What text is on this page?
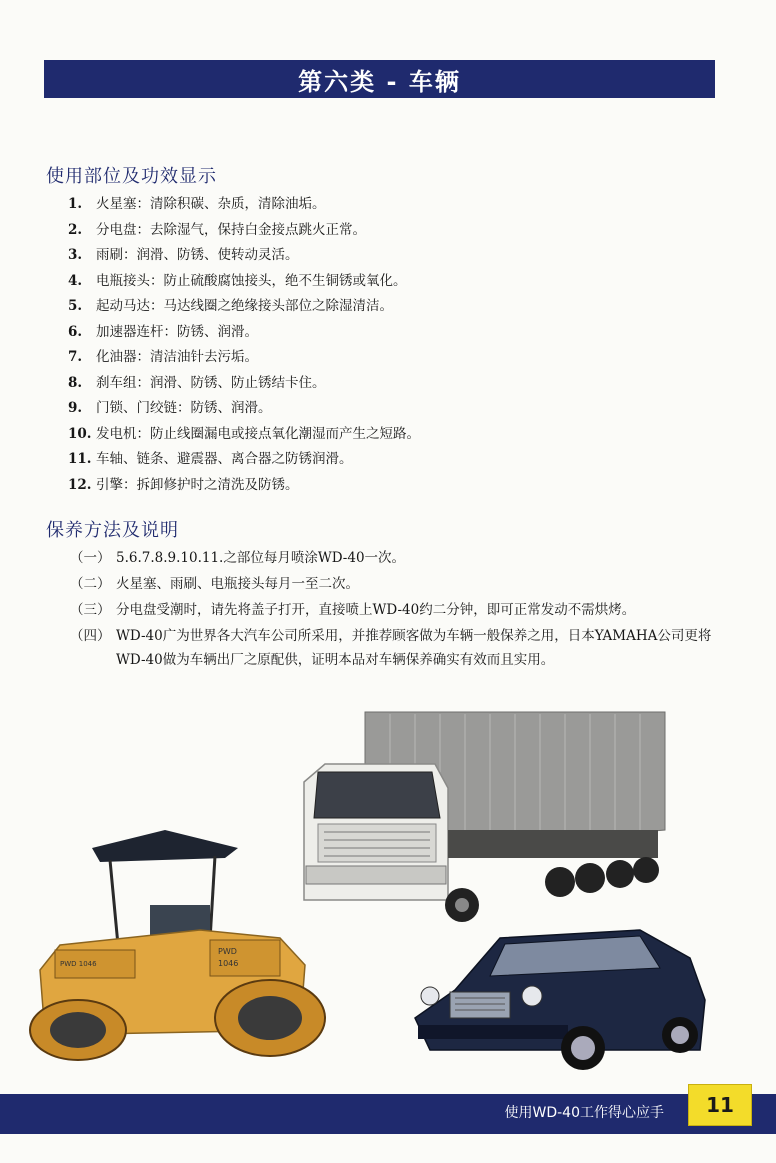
第六类 - 车辆
使用部位及功效显示
1. 火星塞：清除积碳、杂质，清除油垢。
2. 分电盘：去除湿气，保持白金接点跳火正常。
3. 雨刷：润滑、防锈、使转动灵活。
4. 电瓶接头：防止硫酸腐蚀接头，绝不生铜锈或氧化。
5. 起动马达：马达线圈之绝缘接头部位之除湿清洁。
6. 加速器连杆：防锈、润滑。
7. 化油器：清洁油针去污垢。
8. 刹车组：润滑、防锈、防止锈结卡住。
9. 门锁、门绞链：防锈、润滑。
10. 发电机：防止线圈漏电或接点氧化潮湿而产生之短路。
11. 车轴、链条、避震器、离合器之防锈润滑。
12. 引擎：拆卸修护时之清洗及防锈。
保养方法及说明
（一） 5.6.7.8.9.10.11.之部位每月喷涂WD-40一次。
（二） 火星塞、雨刷、电瓶接头每月一至二次。
（三） 分电盘受潮时，请先将盖子打开，直接喷上WD-40约二分钟，即可正常发动不需烘烤。
（四） WD-40广为世界各大汽车公司所采用，并推荐顾客做为车辆一般保养之用，日本YAMAHA公司更将WD-40做为车辆出厂之原配供，证明本品对车辆保养确实有效而且实用。
PWD
1046
PWD 1046
使用WD-40工作得心应手 11
